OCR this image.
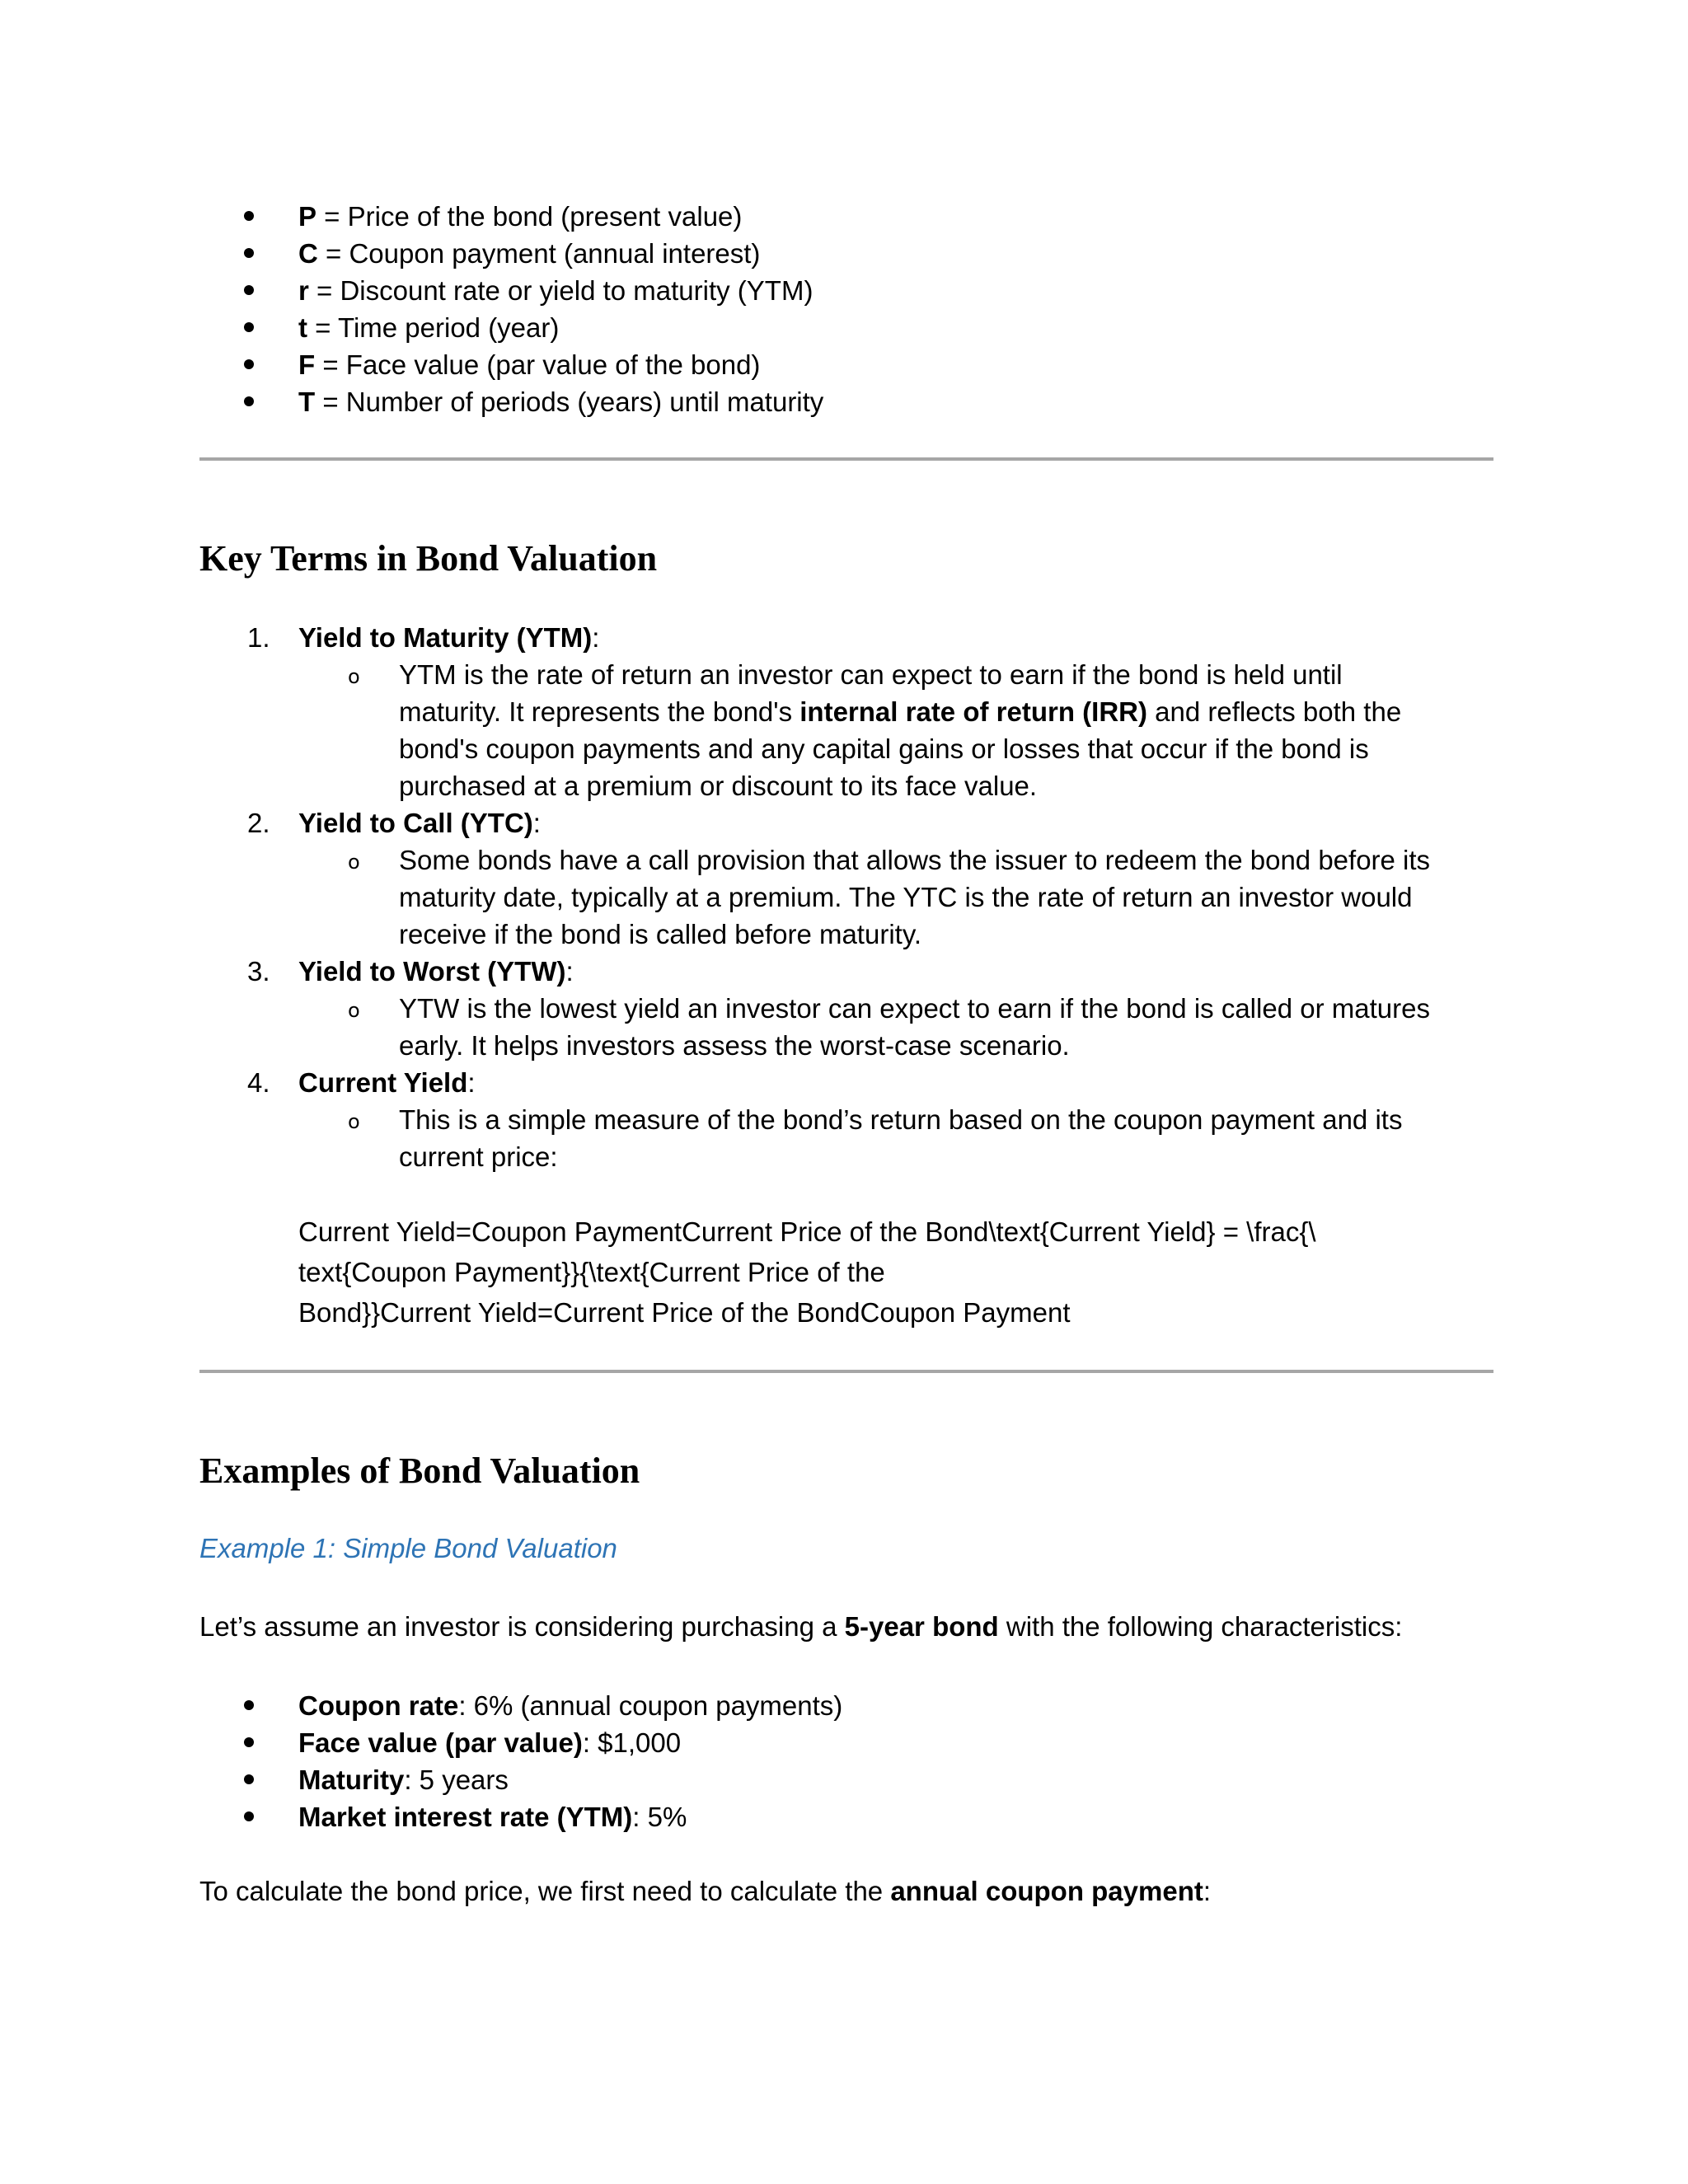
P = Price of the bond (present value)
C = Coupon payment (annual interest)
r = Discount rate or yield to maturity (YTM)
t = Time period (year)
F = Face value (par value of the bond)
T = Number of periods (years) until maturity
Key Terms in Bond Valuation
1. Yield to Maturity (YTM):
o YTM is the rate of return an investor can expect to earn if the bond is held until
maturity. It represents the bond's internal rate of return (IRR) and reflects both the
bond's coupon payments and any capital gains or losses that occur if the bond is
purchased at a premium or discount to its face value.
2. Yield to Call (YTC):
o Some bonds have a call provision that allows the issuer to redeem the bond before its
maturity date, typically at a premium. The YTC is the rate of return an investor would
receive if the bond is called before maturity.
3. Yield to Worst (YTW):
o YTW is the lowest yield an investor can expect to earn if the bond is called or matures
early. It helps investors assess the worst-case scenario.
4. Current Yield:
o This is a simple measure of the bond’s return based on the coupon payment and its
current price:
Current Yield=Coupon PaymentCurrent Price of the Bond\text{Current Yield} = \frac{\
text{Coupon Payment}}{\text{Current Price of the
Bond}}Current Yield=Current Price of the BondCoupon Payment
Examples of Bond Valuation
Example 1: Simple Bond Valuation
Let’s assume an investor is considering purchasing a 5-year bond with the following characteristics:
Coupon rate: 6% (annual coupon payments)
Face value (par value): $1,000
Maturity: 5 years
Market interest rate (YTM): 5%
To calculate the bond price, we first need to calculate the annual coupon payment:
